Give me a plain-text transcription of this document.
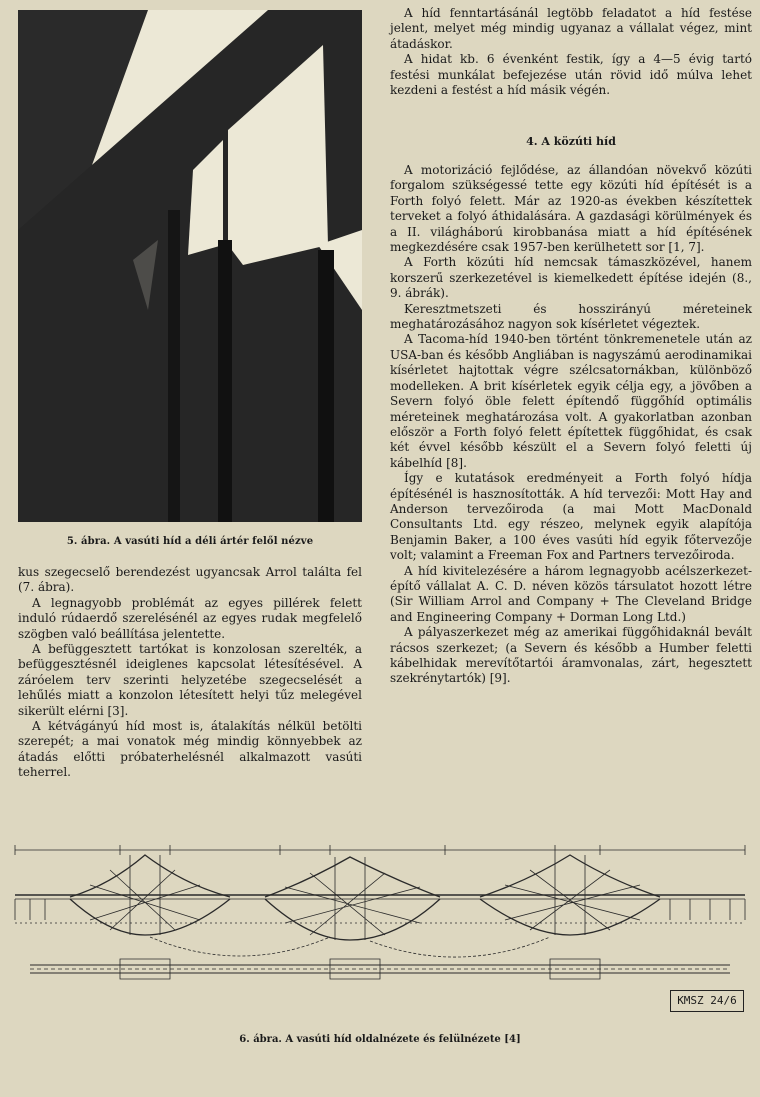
5. ábra. A vasúti híd a déli ártér felől nézve

kus szegecselő berendezést ugyancsak Arrol találta fel (7. ábra).

A legnagyobb problémát az egyes pillérek felett induló rúdaerdő szerelésénél az egyes rudak megfelelő szögben való beállítása jelentette.

A befüggesztett tartókat is konzolosan szerelték, a befüggesztésnél ideiglenes kapcsolat létesítésével. A záróelem terv szerinti helyzetébe szegecselését a lehűlés miatt a konzolon létesített helyi tűz melegével sikerült elérni [3].

A kétvágányú híd most is, átalakítás nélkül betölti szerepét; a mai vonatok még mindig könnyebbek az átadás előtti próbaterhelésnél alkalmazott vasúti teherrel.

A híd fenntartásánál legtöbb feladatot a híd festése jelent, melyet még mindig ugyanaz a vállalat végez, mint átadáskor.

A hidat kb. 6 évenként festik, így a 4—5 évig tartó festési munkálat befejezése után rövid idő múlva lehet kezdeni a festést a híd másik végén.

4. A közúti híd

A motorizáció fejlődése, az állandóan növekvő közúti forgalom szükségessé tette egy közúti híd építését is a Forth folyó felett. Már az 1920-as években készítettek terveket a folyó áthidalására. A gazdasági körülmények és a II. világháború kirobbanása miatt a híd építésének megkezdésére csak 1957-ben kerülhetett sor [1, 7].

A Forth közúti híd nemcsak támaszközével, hanem korszerű szerkezetével is kiemelkedett építése idején (8., 9. ábrák).

Keresztmetszeti és hosszirányú méreteinek meghatározásához nagyon sok kísérletet végeztek.

A Tacoma-híd 1940-ben történt tönkremenetele után az USA-ban és később Angliában is nagyszámú aerodinamikai kísérletet hajtottak végre szélcsatornákban, különböző modelleken. A brit kísérletek egyik célja egy, a jövőben a Severn folyó öble felett építendő függőhíd optimális méreteinek meghatározása volt. A gyakorlatban azonban először a Forth folyó felett építettek függőhidat, és csak két évvel később készült el a Severn folyó feletti új kábelhíd [8].

Így e kutatások eredményeit a Forth folyó hídja építésénél is hasznosították. A híd tervezői: Mott Hay and Anderson tervezőiroda (a mai Mott MacDonald Consultants Ltd. egy részeo, melynek egyik alapítója Benjamin Baker, a 100 éves vasúti híd egyik főtervezője volt; valamint a Freeman Fox and Partners tervezőiroda.

A híd kivitelezésére a három legnagyobb acélszerkezet-építő vállalat A. C. D. néven közös társulatot hozott létre (Sir William Arrol and Company + The Cleveland Bridge and Engineering Company + Dorman Long Ltd.)

A pályaszerkezet még az amerikai függőhidaknál bevált rácsos szerkezet; (a Severn és később a Humber feletti kábelhidak merevítőtartói áramvonalas, zárt, hegesztett szekrénytartók) [9].

KMSZ 24/6
6. ábra. A vasúti híd oldalnézete és felülnézete [4]
